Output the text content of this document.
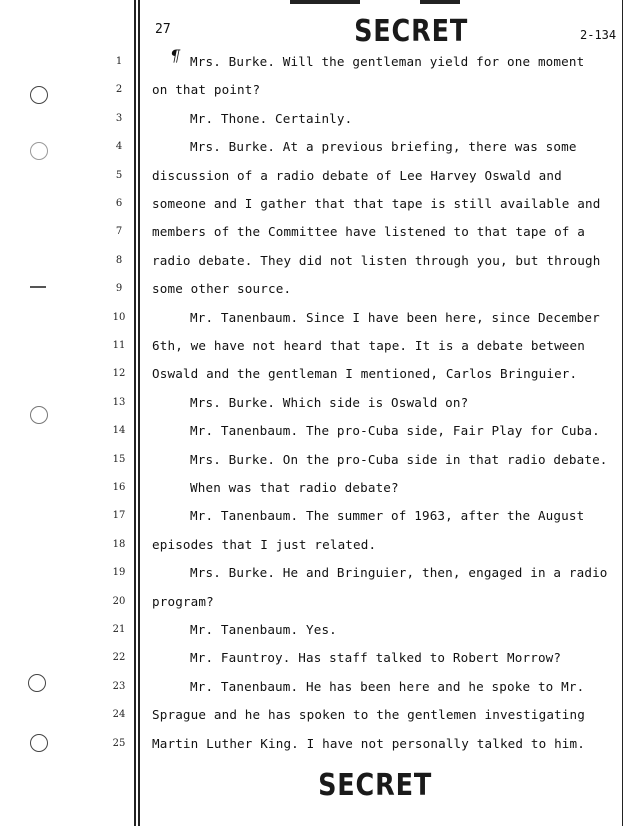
27	SECRET	2-134
¶
1	Mrs. Burke. Will the gentleman yield for one moment
2	on that point?
3	Mr. Thone. Certainly.
4	Mrs. Burke. At a previous briefing, there was some
5	discussion of a radio debate of Lee Harvey Oswald and
6	someone and I gather that that tape is still available and
7	members of the Committee have listened to that tape of a
8	radio debate. They did not listen through you, but through
9	some other source.
10	Mr. Tanenbaum. Since I have been here, since December
11	6th, we have not heard that tape. It is a debate between
12	Oswald and the gentleman I mentioned, Carlos Bringuier.
13	Mrs. Burke. Which side is Oswald on?
14	Mr. Tanenbaum. The pro-Cuba side, Fair Play for Cuba.
15	Mrs. Burke. On the pro-Cuba side in that radio debate.
16	When was that radio debate?
17	Mr. Tanenbaum. The summer of 1963, after the August
18	episodes that I just related.
19	Mrs. Burke. He and Bringuier, then, engaged in a radio
20	program?
21	Mr. Tanenbaum. Yes.
22	Mr. Fauntroy. Has staff talked to Robert Morrow?
23	Mr. Tanenbaum. He has been here and he spoke to Mr.
24	Sprague and he has spoken to the gentlemen investigating
25	Martin Luther King. I have not personally talked to him.
SECRET
